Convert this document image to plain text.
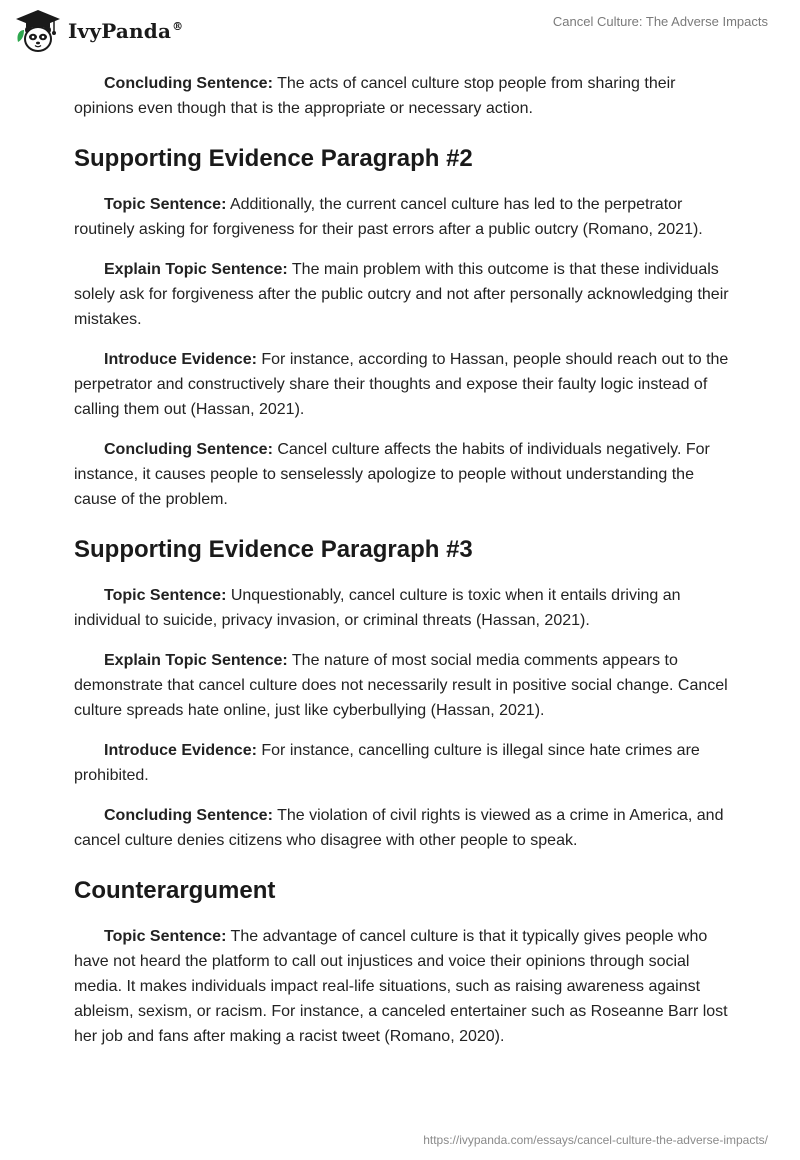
IvyPanda®	Cancel Culture: The Adverse Impacts

Concluding Sentence: The acts of cancel culture stop people from sharing their opinions even though that is the appropriate or necessary action.

Supporting Evidence Paragraph #2

Topic Sentence: Additionally, the current cancel culture has led to the perpetrator routinely asking for forgiveness for their past errors after a public outcry (Romano, 2021).

Explain Topic Sentence: The main problem with this outcome is that these individuals solely ask for forgiveness after the public outcry and not after personally acknowledging their mistakes.

Introduce Evidence: For instance, according to Hassan, people should reach out to the perpetrator and constructively share their thoughts and expose their faulty logic instead of calling them out (Hassan, 2021).

Concluding Sentence: Cancel culture affects the habits of individuals negatively. For instance, it causes people to senselessly apologize to people without understanding the cause of the problem.

Supporting Evidence Paragraph #3

Topic Sentence: Unquestionably, cancel culture is toxic when it entails driving an individual to suicide, privacy invasion, or criminal threats (Hassan, 2021).

Explain Topic Sentence: The nature of most social media comments appears to demonstrate that cancel culture does not necessarily result in positive social change. Cancel culture spreads hate online, just like cyberbullying (Hassan, 2021).

Introduce Evidence: For instance, cancelling culture is illegal since hate crimes are prohibited.

Concluding Sentence: The violation of civil rights is viewed as a crime in America, and cancel culture denies citizens who disagree with other people to speak.

Counterargument

Topic Sentence: The advantage of cancel culture is that it typically gives people who have not heard the platform to call out injustices and voice their opinions through social media. It makes individuals impact real-life situations, such as raising awareness against ableism, sexism, or racism. For instance, a canceled entertainer such as Roseanne Barr lost her job and fans after making a racist tweet (Romano, 2020).

https://ivypanda.com/essays/cancel-culture-the-adverse-impacts/
